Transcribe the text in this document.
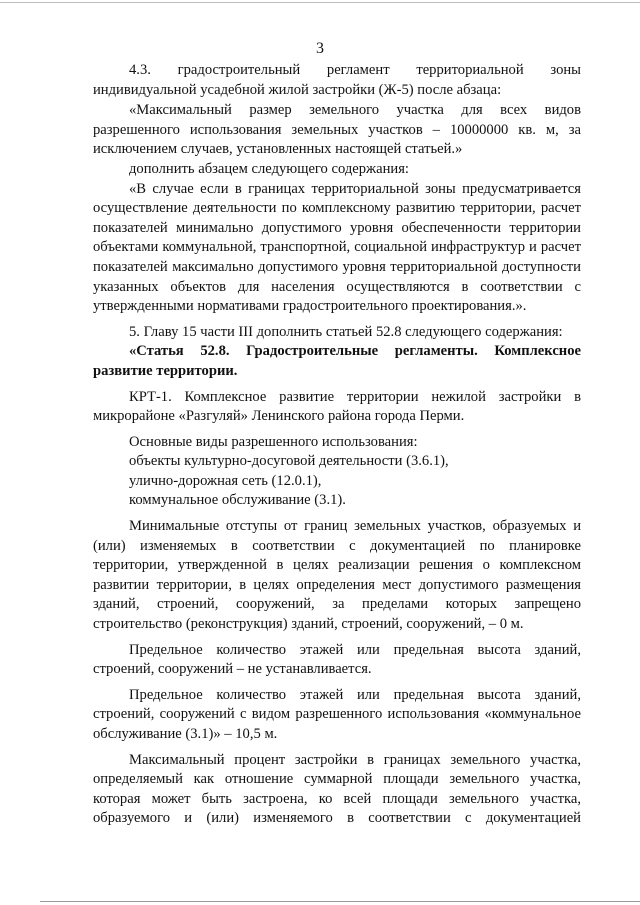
3

4.3. градостроительный регламент территориальной зоны индивидуальной усадебной жилой застройки (Ж-5) после абзаца:

«Максимальный размер земельного участка для всех видов разрешенного использования земельных участков – 10000000 кв. м, за исключением случаев, установленных настоящей статьей.»

дополнить абзацем следующего содержания:

«В случае если в границах территориальной зоны предусматривается осуществление деятельности по комплексному развитию территории, расчет показателей минимально допустимого уровня обеспеченности территории объектами коммунальной, транспортной, социальной инфраструктур и расчет показателей максимально допустимого уровня территориальной доступности указанных объектов для населения осуществляются в соответствии с утвержденными нормативами градостроительного проектирования.».

5. Главу 15 части III дополнить статьей 52.8 следующего содержания:

«Статья 52.8. Градостроительные регламенты. Комплексное развитие территории.

КРТ-1. Комплексное развитие территории нежилой застройки в микрорайоне «Разгуляй» Ленинского района города Перми.

Основные виды разрешенного использования:

объекты культурно-досуговой деятельности (3.6.1),

улично-дорожная сеть (12.0.1),

коммунальное обслуживание (3.1).

Минимальные отступы от границ земельных участков, образуемых и (или) изменяемых в соответствии с документацией по планировке территории, утвержденной в целях реализации решения о комплексном развитии территории, в целях определения мест допустимого размещения зданий, строений, сооружений, за пределами которых запрещено строительство (реконструкция) зданий, строений, сооружений, – 0 м.

Предельное количество этажей или предельная высота зданий, строений, сооружений – не устанавливается.

Предельное количество этажей или предельная высота зданий, строений, сооружений с видом разрешенного использования «коммунальное обслуживание (3.1)» – 10,5 м.

Максимальный процент застройки в границах земельного участка, определяемый как отношение суммарной площади земельного участка, которая может быть застроена, ко всей площади земельного участка, образуемого и (или) изменяемого в соответствии с документацией
